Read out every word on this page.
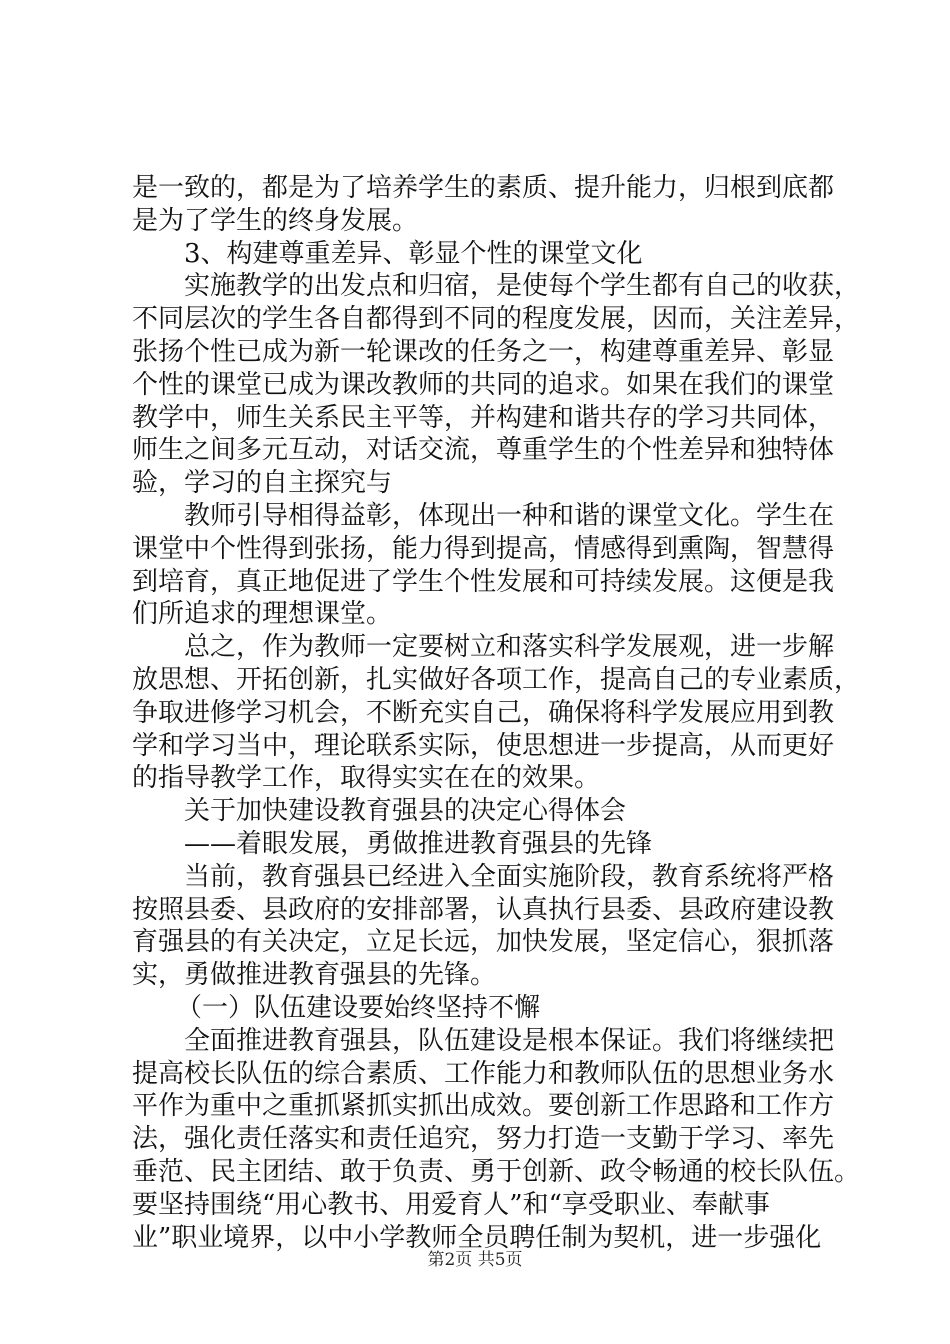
是一致的，都是为了培养学生的素质、提升能力，归根到底都
是为了学生的终身发展。
3、构建尊重差异、彰显个性的课堂文化
实施教学的出发点和归宿，是使每个学生都有自己的收获，
不同层次的学生各自都得到不同的程度发展，因而，关注差异，
张扬个性已成为新一轮课改的任务之一，构建尊重差异、彰显
个性的课堂已成为课改教师的共同的追求。如果在我们的课堂
教学中，师生关系民主平等，并构建和谐共存的学习共同体，
师生之间多元互动，对话交流，尊重学生的个性差异和独特体
验，学习的自主探究与
教师引导相得益彰，体现出一种和谐的课堂文化。学生在
课堂中个性得到张扬，能力得到提高，情感得到熏陶，智慧得
到培育，真正地促进了学生个性发展和可持续发展。这便是我
们所追求的理想课堂。
总之，作为教师一定要树立和落实科学发展观，进一步解
放思想、开拓创新，扎实做好各项工作，提高自己的专业素质，
争取进修学习机会，不断充实自己，确保将科学发展应用到教
学和学习当中，理论联系实际，使思想进一步提高，从而更好
的指导教学工作，取得实实在在的效果。
关于加快建设教育强县的决定心得体会
——着眼发展，勇做推进教育强县的先锋
当前，教育强县已经进入全面实施阶段，教育系统将严格
按照县委、县政府的安排部署，认真执行县委、县政府建设教
育强县的有关决定，立足长远，加快发展，坚定信心，狠抓落
实，勇做推进教育强县的先锋。
（一）队伍建设要始终坚持不懈
全面推进教育强县，队伍建设是根本保证。我们将继续把
提高校长队伍的综合素质、工作能力和教师队伍的思想业务水
平作为重中之重抓紧抓实抓出成效。要创新工作思路和工作方
法，强化责任落实和责任追究，努力打造一支勤于学习、率先
垂范、民主团结、敢于负责、勇于创新、政令畅通的校长队伍。
要坚持围绕“用心教书、用爱育人”和“享受职业、奉献事
业”职业境界，以中小学教师全员聘任制为契机，进一步强化
第2页 共5页
